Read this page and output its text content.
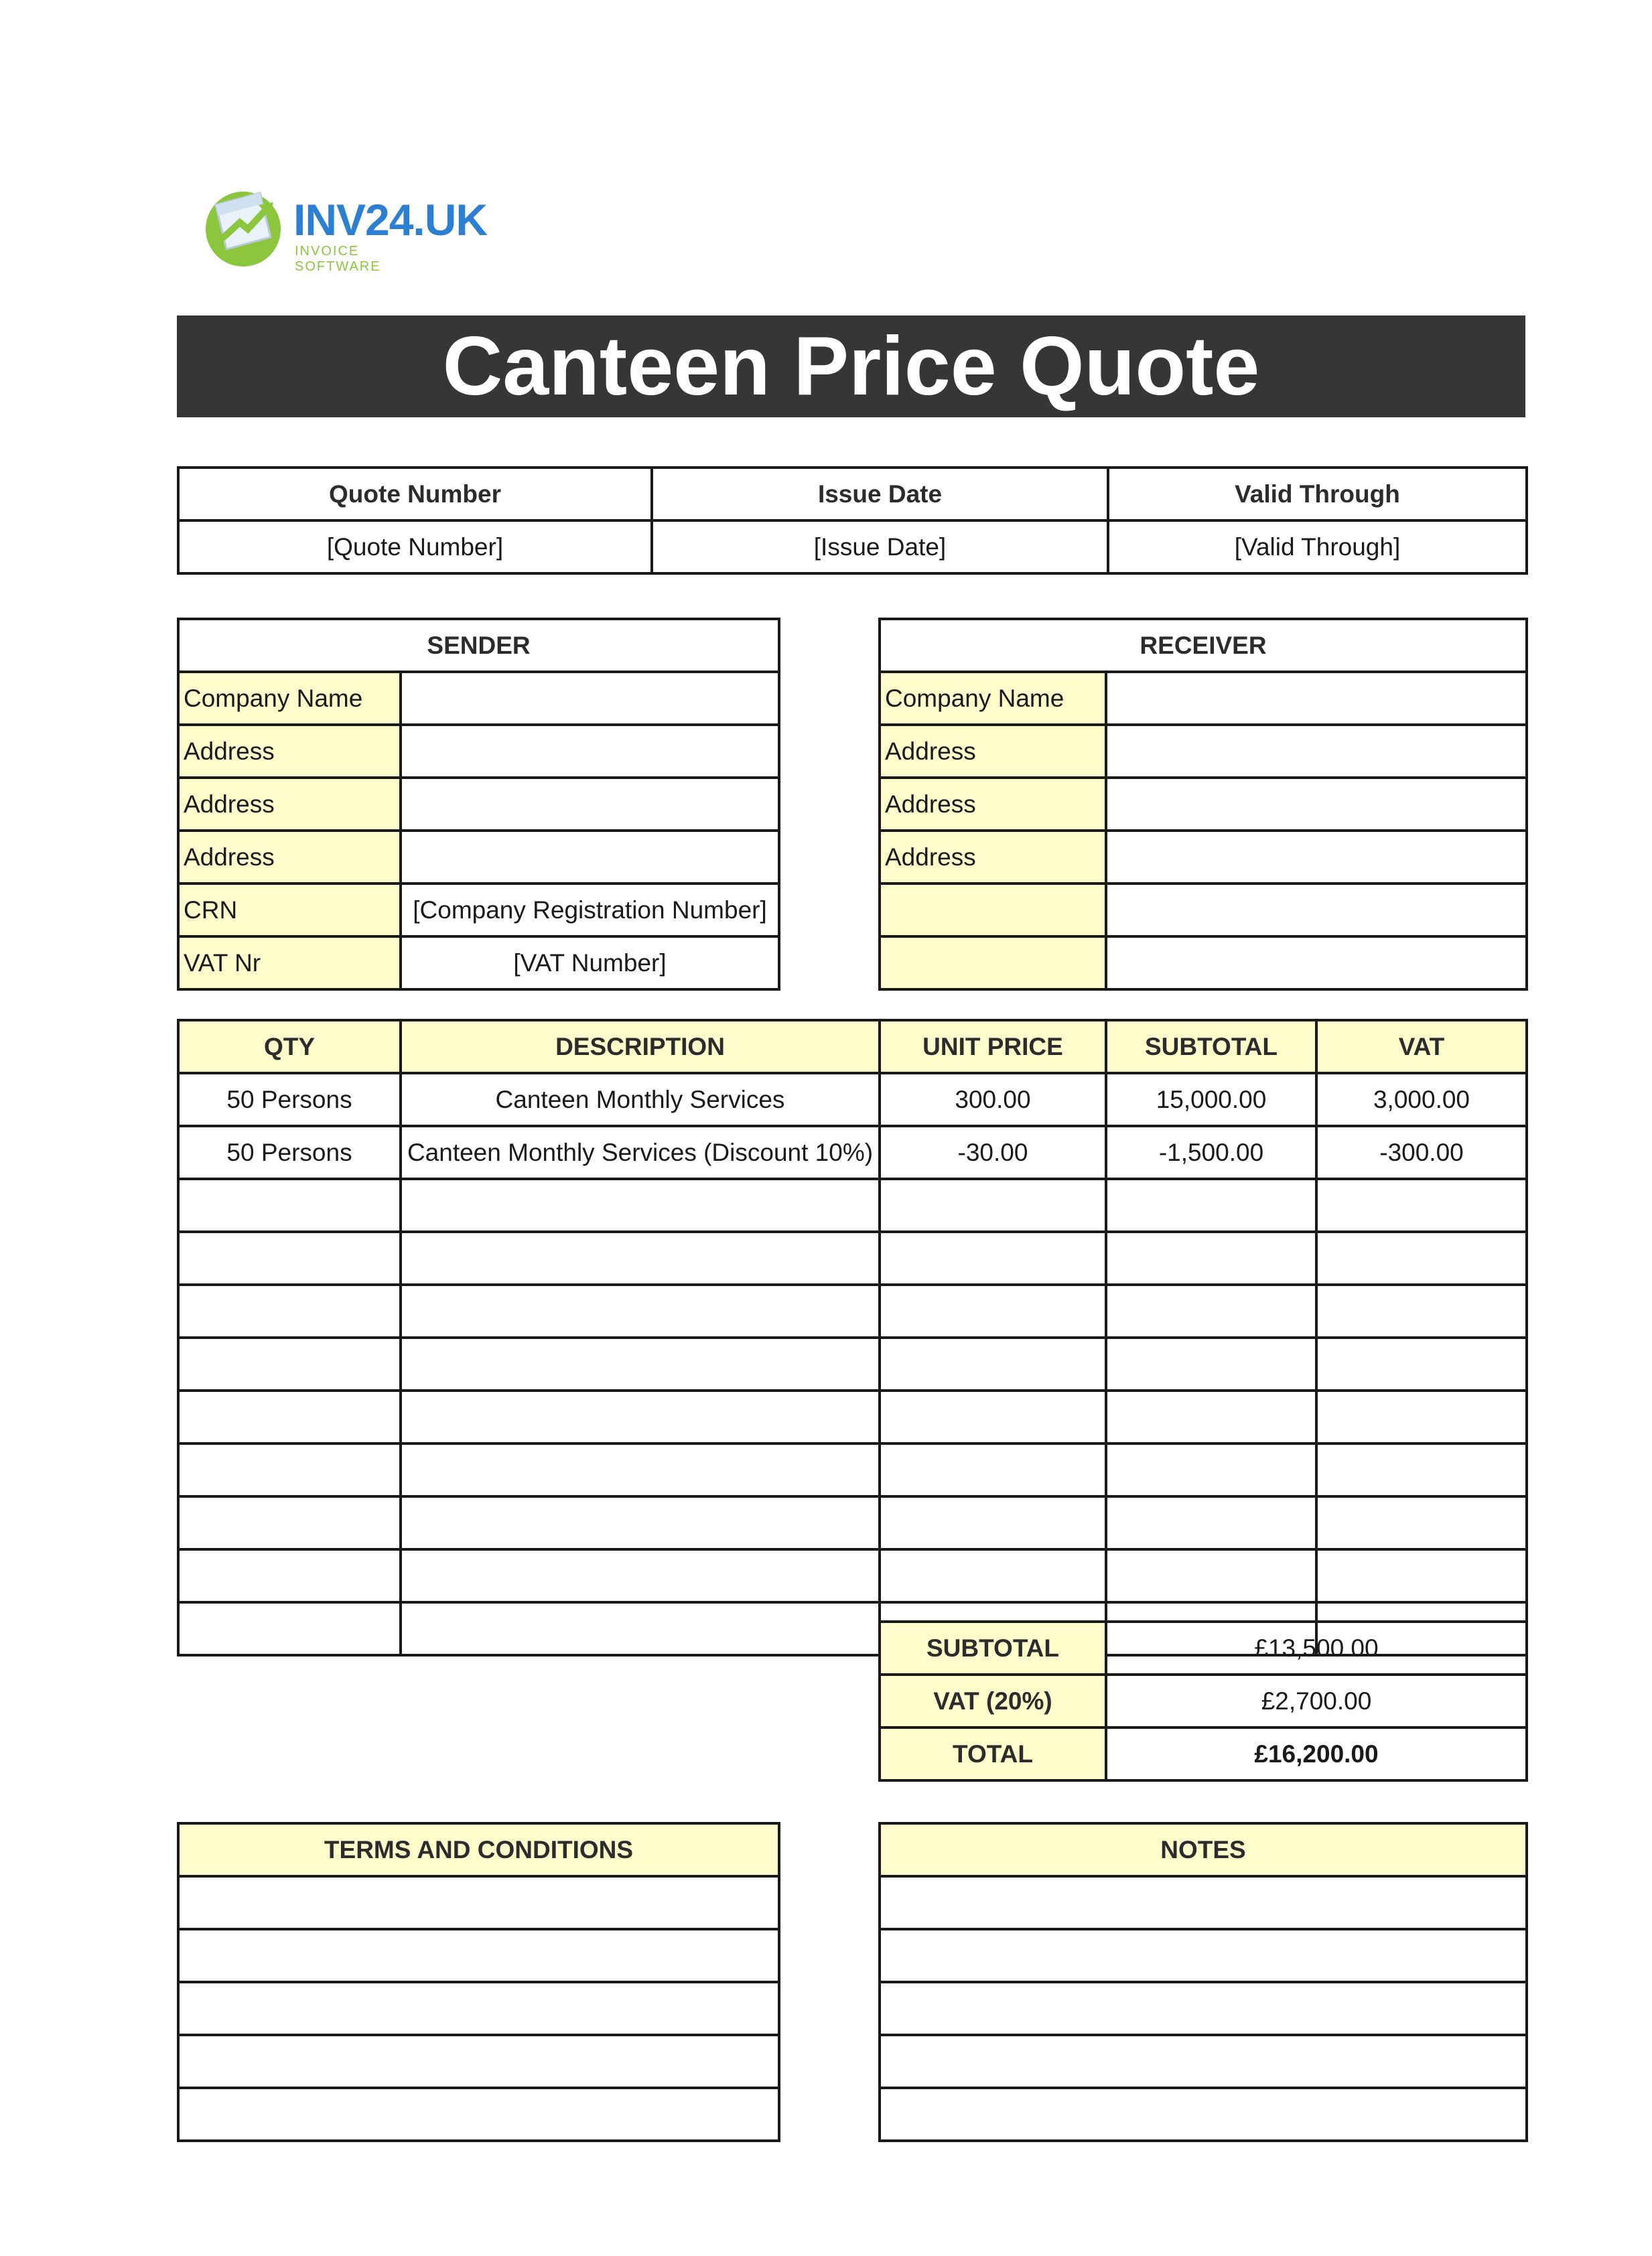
INV24.UK
INVOICE SOFTWARE
Canteen Price Quote
Quote Number	Issue Date	Valid Through
[Quote Number]	[Issue Date]	[Valid Through]
SENDER	
Company Name	
Address	
Address	
Address	
CRN	[Company Registration Number]
VAT Nr	[VAT Number]
RECEIVER	
Company Name	
Address	
Address	
Address	

QTY	DESCRIPTION	UNIT PRICE	SUBTOTAL	VAT
50 Persons	Canteen Monthly Services	300.00	15,000.00	3,000.00
50 Persons	Canteen Monthly Services (Discount 10%)	-30.00	-1,500.00	-300.00

SUBTOTAL	£13,500.00
VAT (20%)	£2,700.00
TOTAL	£16,200.00
TERMS AND CONDITIONS	NOTES
